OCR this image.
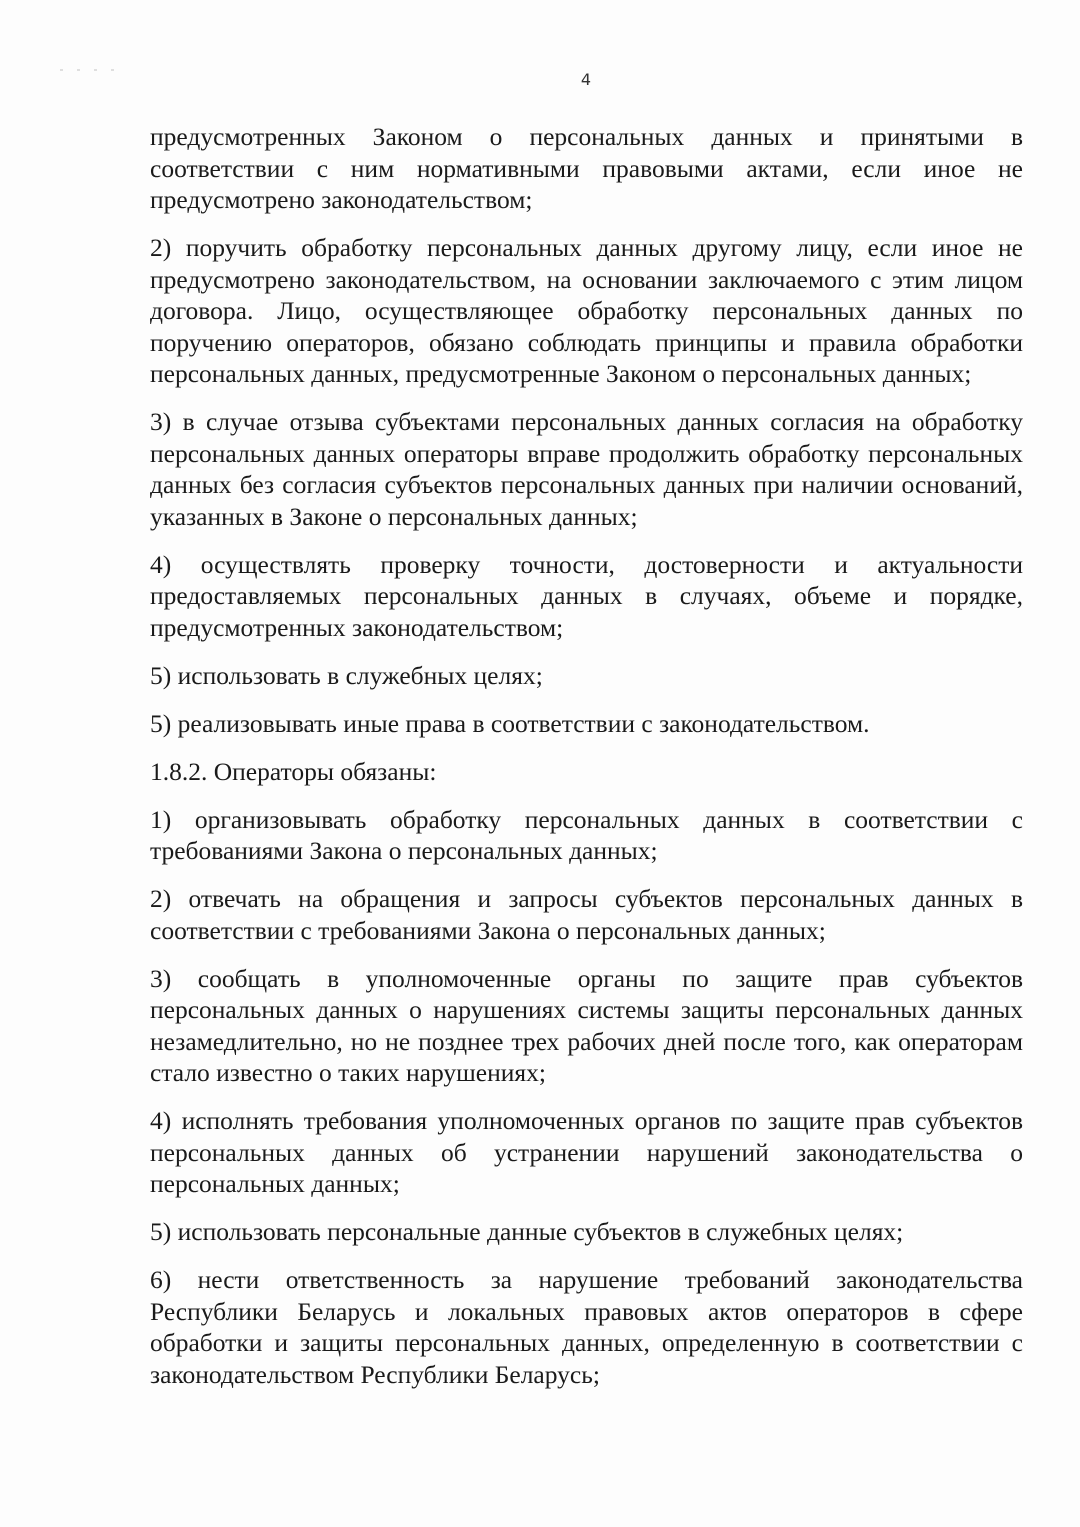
4

предусмотренных Законом о персональных данных и принятыми в соответствии с ним нормативными правовыми актами, если иное не предусмотрено законодательством;

2) поручить обработку персональных данных другому лицу, если иное не предусмотрено законодательством, на основании заключаемого с этим лицом договора. Лицо, осуществляющее обработку персональных данных по поручению операторов, обязано соблюдать принципы и правила обработки персональных данных, предусмотренные Законом о персональных данных;

3) в случае отзыва субъектами персональных данных согласия на обработку персональных данных операторы вправе продолжить обработку персональных данных без согласия субъектов персональных данных при наличии оснований, указанных в Законе о персональных данных;

4) осуществлять проверку точности, достоверности и актуальности предоставляемых персональных данных в случаях, объеме и порядке, предусмотренных законодательством;

5) использовать в служебных целях;

5) реализовывать иные права в соответствии с законодательством.

1.8.2. Операторы обязаны:

1) организовывать обработку персональных данных в соответствии с требованиями Закона о персональных данных;

2) отвечать на обращения и запросы субъектов персональных данных в соответствии с требованиями Закона о персональных данных;

3) сообщать в уполномоченные органы по защите прав субъектов персональных данных о нарушениях системы защиты персональных данных незамедлительно, но не позднее трех рабочих дней после того, как операторам стало известно о таких нарушениях;

4) исполнять требования уполномоченных органов по защите прав субъектов персональных данных об устранении нарушений законодательства о персональных данных;

5) использовать персональные данные субъектов в служебных целях;

6) нести ответственность за нарушение требований законодательства Республики Беларусь и локальных правовых актов операторов в сфере обработки и защиты персональных данных, определенную в соответствии с законодательством Республики Беларусь;
